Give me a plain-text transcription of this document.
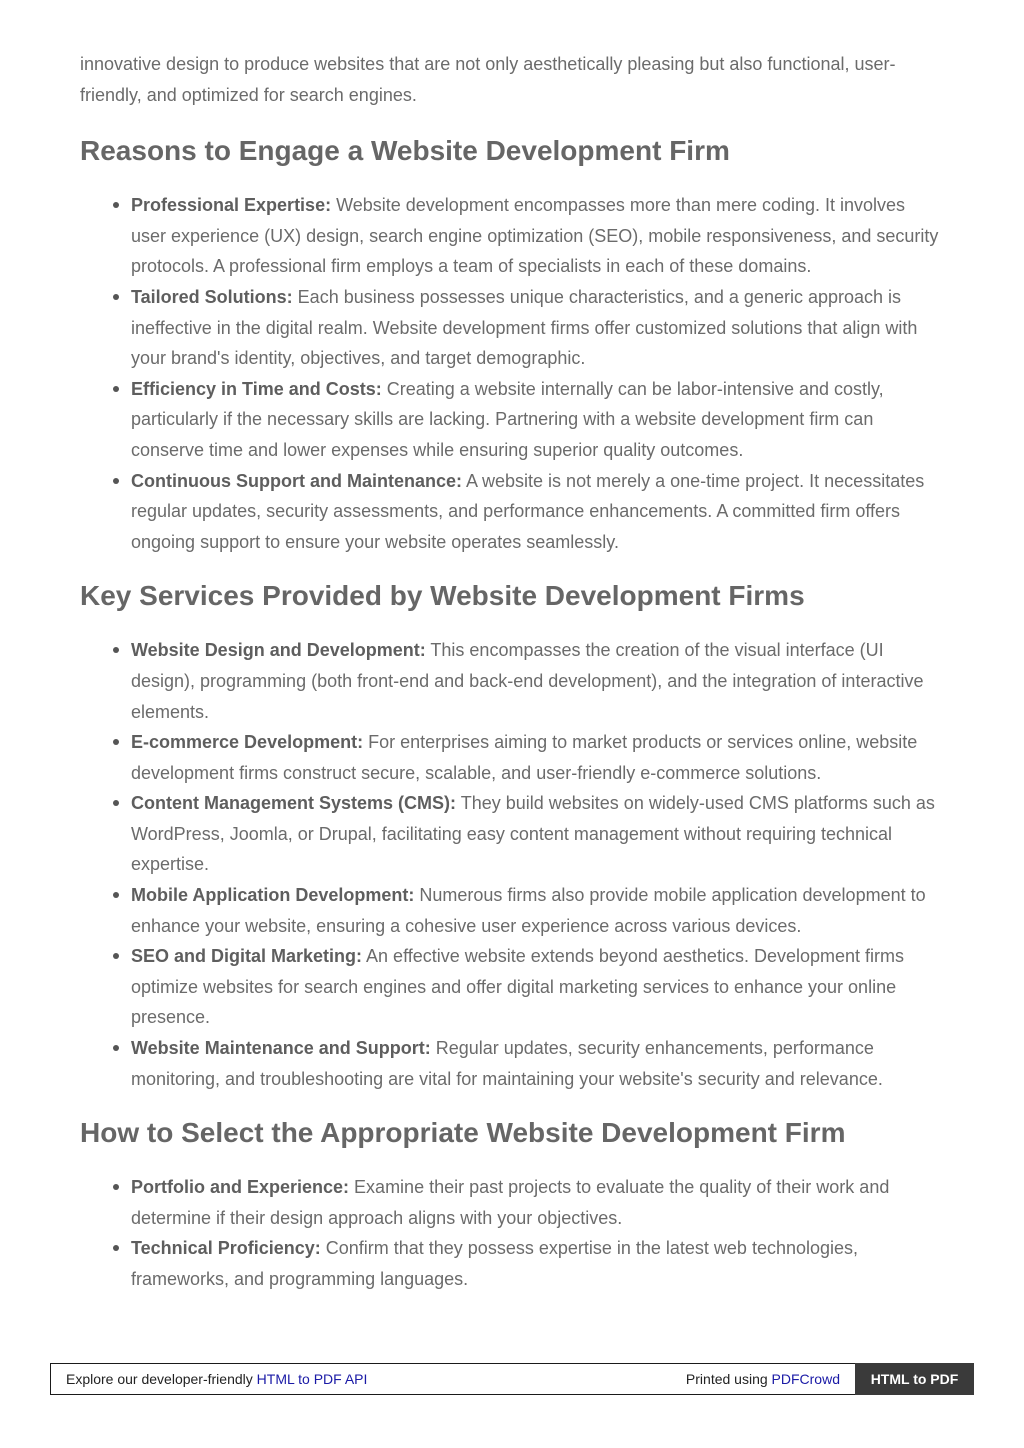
innovative design to produce websites that are not only aesthetically pleasing but also functional, user-friendly, and optimized for search engines.

Reasons to Engage a Website Development Firm
Professional Expertise: Website development encompasses more than mere coding. It involves user experience (UX) design, search engine optimization (SEO), mobile responsiveness, and security protocols. A professional firm employs a team of specialists in each of these domains.
Tailored Solutions: Each business possesses unique characteristics, and a generic approach is ineffective in the digital realm. Website development firms offer customized solutions that align with your brand's identity, objectives, and target demographic.
Efficiency in Time and Costs: Creating a website internally can be labor-intensive and costly, particularly if the necessary skills are lacking. Partnering with a website development firm can conserve time and lower expenses while ensuring superior quality outcomes.
Continuous Support and Maintenance: A website is not merely a one-time project. It necessitates regular updates, security assessments, and performance enhancements. A committed firm offers ongoing support to ensure your website operates seamlessly.
Key Services Provided by Website Development Firms
Website Design and Development: This encompasses the creation of the visual interface (UI design), programming (both front-end and back-end development), and the integration of interactive elements.
E-commerce Development: For enterprises aiming to market products or services online, website development firms construct secure, scalable, and user-friendly e-commerce solutions.
Content Management Systems (CMS): They build websites on widely-used CMS platforms such as WordPress, Joomla, or Drupal, facilitating easy content management without requiring technical expertise.
Mobile Application Development: Numerous firms also provide mobile application development to enhance your website, ensuring a cohesive user experience across various devices.
SEO and Digital Marketing: An effective website extends beyond aesthetics. Development firms optimize websites for search engines and offer digital marketing services to enhance your online presence.
Website Maintenance and Support: Regular updates, security enhancements, performance monitoring, and troubleshooting are vital for maintaining your website's security and relevance.
How to Select the Appropriate Website Development Firm
Portfolio and Experience: Examine their past projects to evaluate the quality of their work and determine if their design approach aligns with your objectives.
Technical Proficiency: Confirm that they possess expertise in the latest web technologies, frameworks, and programming languages.
Explore our developer-friendly HTML to PDF API	Printed using PDFCrowd	HTML to PDF
